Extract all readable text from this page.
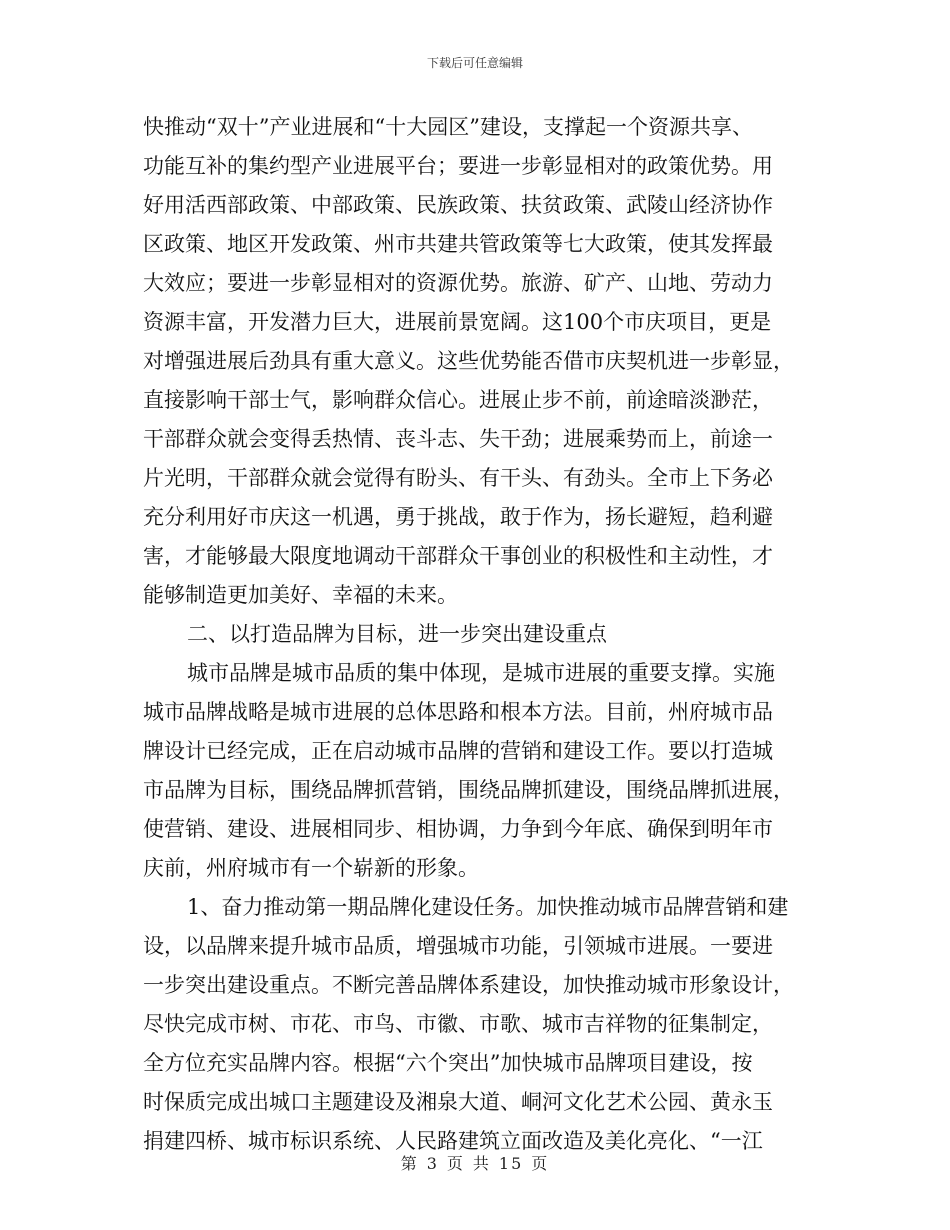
下载后可任意编辑
快推动“双十”产业进展和“十大园区”建设，支撑起一个资源共享、
功能互补的集约型产业进展平台；要进一步彰显相对的政策优势。用
好用活西部政策、中部政策、民族政策、扶贫政策、武陵山经济协作
区政策、地区开发政策、州市共建共管政策等七大政策，使其发挥最
大效应；要进一步彰显相对的资源优势。旅游、矿产、山地、劳动力
资源丰富，开发潜力巨大，进展前景宽阔。这100个市庆项目，更是
对增强进展后劲具有重大意义。这些优势能否借市庆契机进一步彰显，
直接影响干部士气，影响群众信心。进展止步不前，前途暗淡渺茫，
干部群众就会变得丢热情、丧斗志、失干劲；进展乘势而上，前途一
片光明，干部群众就会觉得有盼头、有干头、有劲头。全市上下务必
充分利用好市庆这一机遇，勇于挑战，敢于作为，扬长避短，趋利避
害，才能够最大限度地调动干部群众干事创业的积极性和主动性，才
能够制造更加美好、幸福的未来。
二、以打造品牌为目标，进一步突出建设重点
城市品牌是城市品质的集中体现，是城市进展的重要支撑。实施
城市品牌战略是城市进展的总体思路和根本方法。目前，州府城市品
牌设计已经完成，正在启动城市品牌的营销和建设工作。要以打造城
市品牌为目标，围绕品牌抓营销，围绕品牌抓建设，围绕品牌抓进展，
使营销、建设、进展相同步、相协调，力争到今年底、确保到明年市
庆前，州府城市有一个崭新的形象。
1、奋力推动第一期品牌化建设任务。加快推动城市品牌营销和建
设，以品牌来提升城市品质，增强城市功能，引领城市进展。一要进
一步突出建设重点。不断完善品牌体系建设，加快推动城市形象设计，
尽快完成市树、市花、市鸟、市徽、市歌、城市吉祥物的征集制定，
全方位充实品牌内容。根据“六个突出”加快城市品牌项目建设，按
时保质完成出城口主题建设及湘泉大道、峒河文化艺术公园、黄永玉
捐建四桥、城市标识系统、人民路建筑立面改造及美化亮化、“一江
第 3 页 共 15 页
